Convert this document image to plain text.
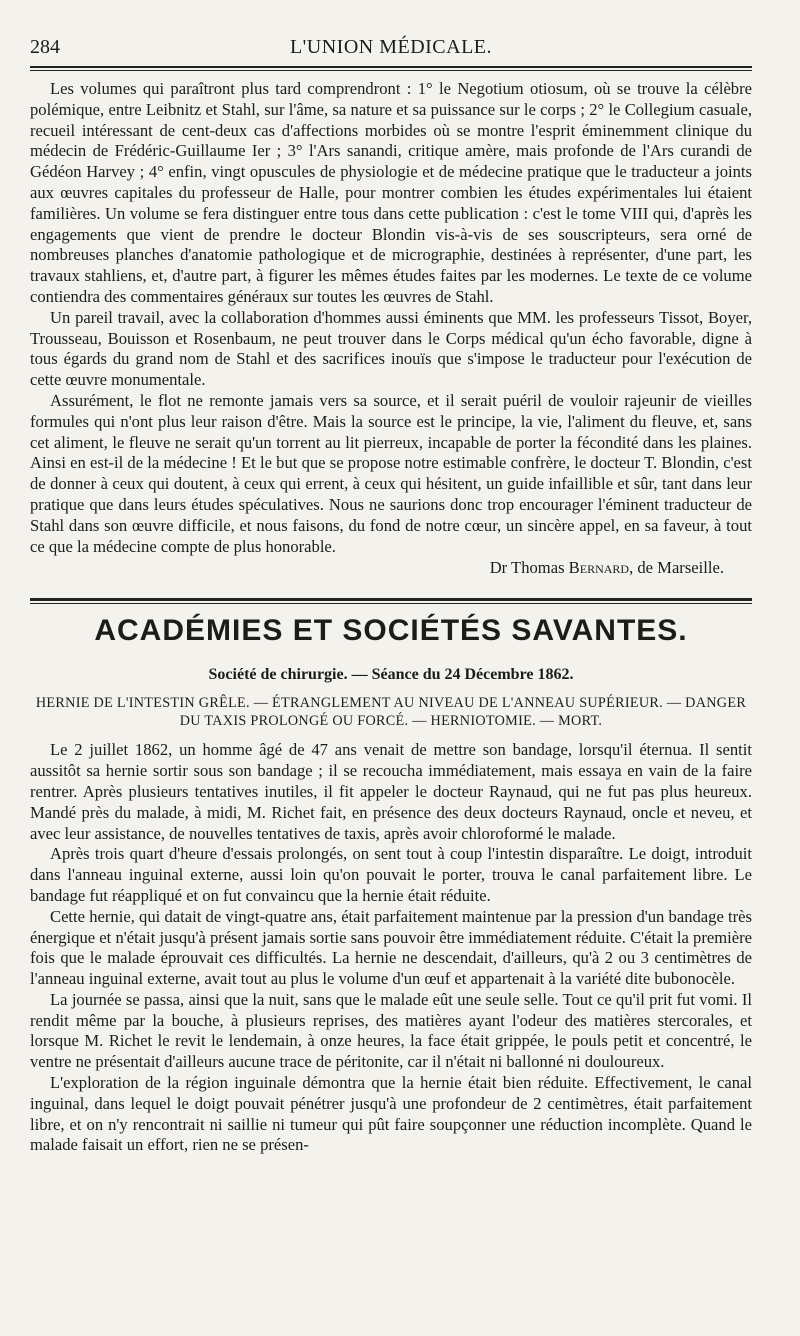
284	L'UNION MÉDICALE.

Les volumes qui paraîtront plus tard comprendront : 1° le Negotium otiosum, où se trouve la célèbre polémique, entre Leibnitz et Stahl, sur l'âme, sa nature et sa puissance sur le corps ; 2° le Collegium casuale, recueil intéressant de cent-deux cas d'affections morbides où se montre l'esprit éminemment clinique du médecin de Frédéric-Guillaume Ier ; 3° l'Ars sanandi, critique amère, mais profonde de l'Ars curandi de Gédéon Harvey ; 4° enfin, vingt opuscules de physiologie et de médecine pratique que le traducteur a joints aux œuvres capitales du professeur de Halle, pour montrer combien les études expérimentales lui étaient familières. Un volume se fera distinguer entre tous dans cette publication : c'est le tome VIII qui, d'après les engagements que vient de prendre le docteur Blondin vis-à-vis de ses souscripteurs, sera orné de nombreuses planches d'anatomie pathologique et de micrographie, destinées à représenter, d'une part, les travaux stahliens, et, d'autre part, à figurer les mêmes études faites par les modernes. Le texte de ce volume contiendra des commentaires généraux sur toutes les œuvres de Stahl.

Un pareil travail, avec la collaboration d'hommes aussi éminents que MM. les professeurs Tissot, Boyer, Trousseau, Bouisson et Rosenbaum, ne peut trouver dans le Corps médical qu'un écho favorable, digne à tous égards du grand nom de Stahl et des sacrifices inouïs que s'impose le traducteur pour l'exécution de cette œuvre monumentale.

Assurément, le flot ne remonte jamais vers sa source, et il serait puéril de vouloir rajeunir de vieilles formules qui n'ont plus leur raison d'être. Mais la source est le principe, la vie, l'aliment du fleuve, et, sans cet aliment, le fleuve ne serait qu'un torrent au lit pierreux, incapable de porter la fécondité dans les plaines. Ainsi en est-il de la médecine ! Et le but que se propose notre estimable confrère, le docteur T. Blondin, c'est de donner à ceux qui doutent, à ceux qui errent, à ceux qui hésitent, un guide infaillible et sûr, tant dans leur pratique que dans leurs études spéculatives. Nous ne saurions donc trop encourager l'éminent traducteur de Stahl dans son œuvre difficile, et nous faisons, du fond de notre cœur, un sincère appel, en sa faveur, à tout ce que la médecine compte de plus honorable.

Dr Thomas Bernard, de Marseille.
ACADÉMIES ET SOCIÉTÉS SAVANTES.
Société de chirurgie. — Séance du 24 Décembre 1862.
HERNIE DE L'INTESTIN GRÊLE. — ÉTRANGLEMENT AU NIVEAU DE L'ANNEAU SUPÉRIEUR. — DANGER DU TAXIS PROLONGÉ OU FORCÉ. — HERNIOTOMIE. — MORT.

Le 2 juillet 1862, un homme âgé de 47 ans venait de mettre son bandage, lorsqu'il éternua. Il sentit aussitôt sa hernie sortir sous son bandage ; il se recoucha immédiatement, mais essaya en vain de la faire rentrer. Après plusieurs tentatives inutiles, il fit appeler le docteur Raynaud, qui ne fut pas plus heureux. Mandé près du malade, à midi, M. Richet fait, en présence des deux docteurs Raynaud, oncle et neveu, et avec leur assistance, de nouvelles tentatives de taxis, après avoir chloroformé le malade.

Après trois quart d'heure d'essais prolongés, on sent tout à coup l'intestin disparaître. Le doigt, introduit dans l'anneau inguinal externe, aussi loin qu'on pouvait le porter, trouva le canal parfaitement libre. Le bandage fut réappliqué et on fut convaincu que la hernie était réduite.

Cette hernie, qui datait de vingt-quatre ans, était parfaitement maintenue par la pression d'un bandage très énergique et n'était jusqu'à présent jamais sortie sans pouvoir être immédiatement réduite. C'était la première fois que le malade éprouvait ces difficultés. La hernie ne descendait, d'ailleurs, qu'à 2 ou 3 centimètres de l'anneau inguinal externe, avait tout au plus le volume d'un œuf et appartenait à la variété dite bubonocèle.

La journée se passa, ainsi que la nuit, sans que le malade eût une seule selle. Tout ce qu'il prit fut vomi. Il rendit même par la bouche, à plusieurs reprises, des matières ayant l'odeur des matières stercorales, et lorsque M. Richet le revit le lendemain, à onze heures, la face était grippée, le pouls petit et concentré, le ventre ne présentait d'ailleurs aucune trace de péritonite, car il n'était ni ballonné ni douloureux.

L'exploration de la région inguinale démontra que la hernie était bien réduite. Effectivement, le canal inguinal, dans lequel le doigt pouvait pénétrer jusqu'à une profondeur de 2 centimètres, était parfaitement libre, et on n'y rencontrait ni saillie ni tumeur qui pût faire soupçonner une réduction incomplète. Quand le malade faisait un effort, rien ne se présen-
